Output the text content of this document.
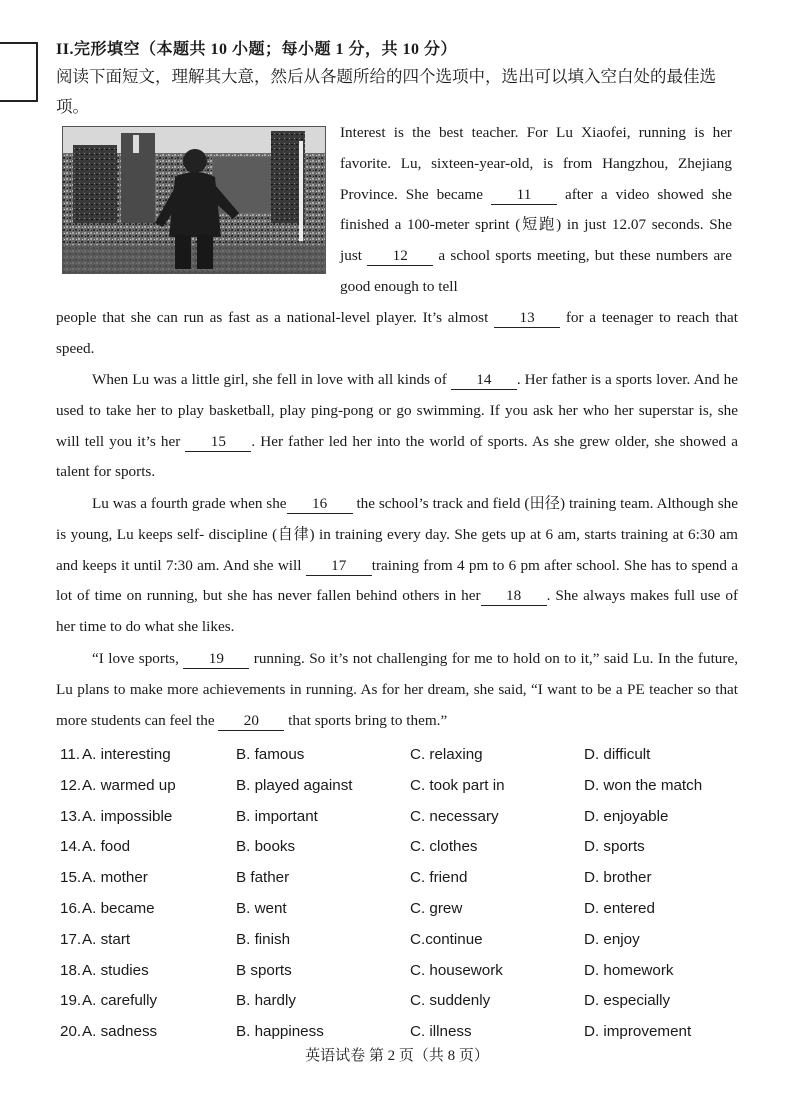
II.完形填空（本题共 10 小题；每小题 1 分，共 10 分）
阅读下面短文，理解其大意，然后从各题所给的四个选项中，选出可以填入空白处的最佳选项。
Interest is the best teacher. For Lu Xiaofei, running is her favorite. Lu, sixteen-year-old, is from Hangzhou, Zhejiang Province. She became 11 after a video showed she finished a 100-meter sprint (短跑) in just 12.07 seconds. She just 12 a school sports meeting, but these numbers are good enough to tell
people that she can run as fast as a national-level player. It’s almost 13 for a teenager to reach that speed.
When Lu was a little girl, she fell in love with all kinds of 14 . Her father is a sports lover. And he used to take her to play basketball, play ping-pong or go swimming. If you ask her who her superstar is, she will tell you it’s her 15 . Her father led her into the world of sports. As she grew older, she showed a talent for sports.
Lu was a fourth grade when she 16 the school’s track and field (田径) training team. Although she is young, Lu keeps self- discipline (自律) in training every day. She gets up at 6 am, starts training at 6:30 am and keeps it until 7:30 am. And she will 17 training from 4 pm to 6 pm after school. She has to spend a lot of time on running, but she has never fallen behind others in her 18 . She always makes full use of her time to do what she likes.
“I love sports, 19 running. So it’s not challenging for me to hold on to it,” said Lu. In the future, Lu plans to make more achievements in running. As for her dream, she said, “I want to be a PE teacher so that more students can feel the 20 that sports bring to them.”
11. A. interesting	B. famous	C. relaxing	D. difficult
12. A. warmed up	B. played against	C. took part in	D. won the match
13. A. impossible	B. important	C. necessary	D. enjoyable
14. A. food	B. books	C. clothes	D. sports
15. A. mother	B father	C. friend	D. brother
16. A. became	B. went	C. grew	D. entered
17. A. start	B. finish	C.continue	D. enjoy
18. A. studies	B sports	C. housework	D. homework
19. A. carefully	B. hardly	C. suddenly	D. especially
20. A. sadness	B. happiness	C. illness	D. improvement
英语试卷 第 2 页（共 8 页）
